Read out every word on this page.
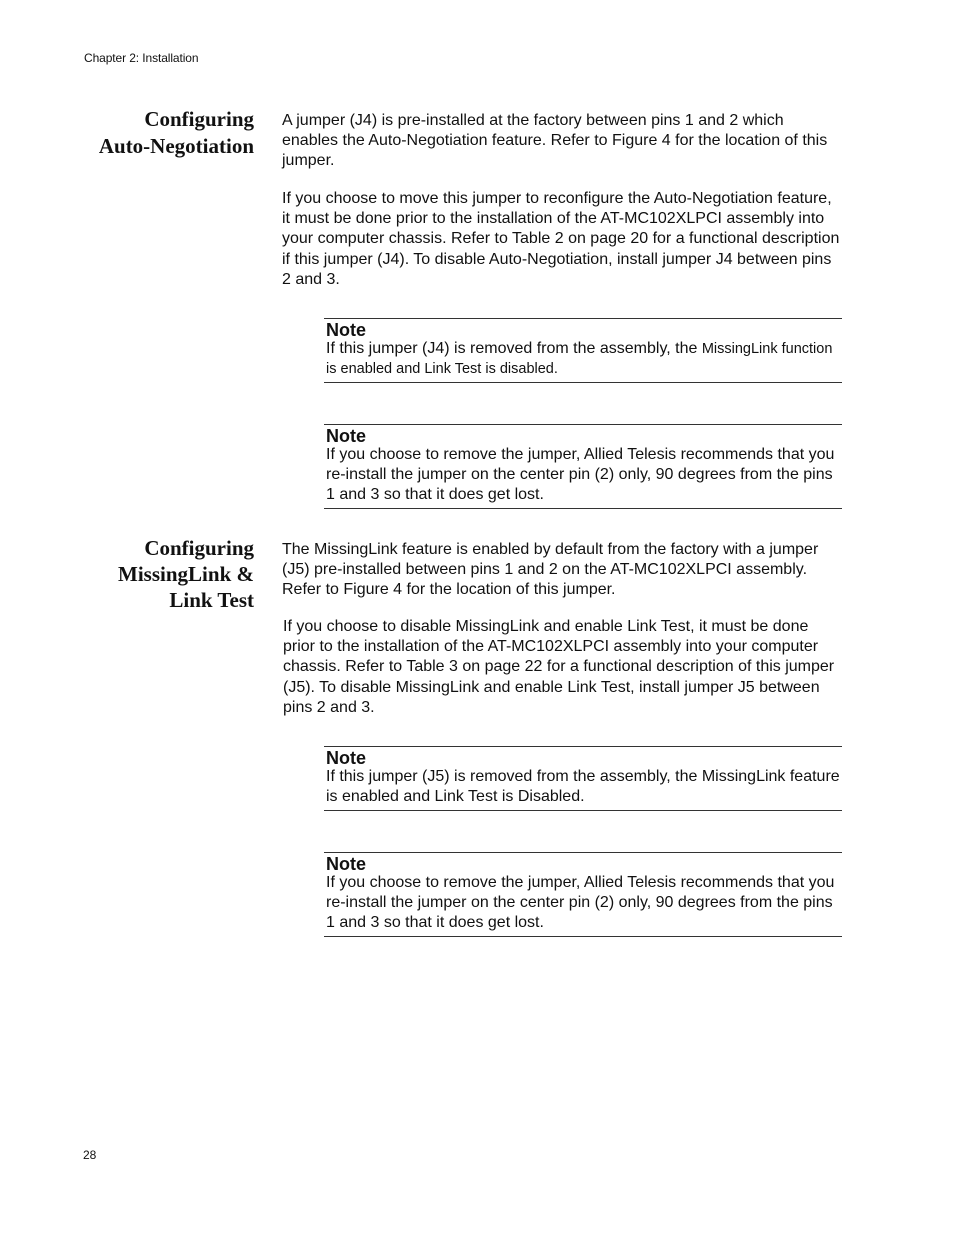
Chapter 2: Installation
Configuring
Auto-Negotiation

A jumper (J4) is pre-installed at the factory between pins 1 and 2 which enables the Auto-Negotiation feature. Refer to Figure 4 for the location of this jumper.

If you choose to move this jumper to reconfigure the Auto-Negotiation feature, it must be done prior to the installation of the AT-MC102XLPCI assembly into your computer chassis. Refer to Table 2 on page 20 for a functional description if this jumper (J4). To disable Auto-Negotiation, install jumper J4 between pins 2 and 3.

Note

If this jumper (J4) is removed from the assembly, the MissingLink function is enabled and Link Test is disabled.

Note

If you choose to remove the jumper, Allied Telesis recommends that you re-install the jumper on the center pin (2) only, 90 degrees from the pins 1 and 3 so that it does get lost.

Configuring
MissingLink &
Link Test

The MissingLink feature is enabled by default from the factory with a jumper (J5) pre-installed between pins 1 and 2 on the AT-MC102XLPCI assembly. Refer to Figure 4 for the location of this jumper.

If you choose to disable MissingLink and enable Link Test, it must be done prior to the installation of the AT-MC102XLPCI assembly into your computer chassis. Refer to Table 3 on page 22 for a functional description of this jumper (J5). To disable MissingLink and enable Link Test, install jumper J5 between pins 2 and 3.

Note

If this jumper (J5) is removed from the assembly, the MissingLink feature is enabled and Link Test is Disabled.

Note

If you choose to remove the jumper, Allied Telesis recommends that you re-install the jumper on the center pin (2) only, 90 degrees from the pins 1 and 3 so that it does get lost.

28
